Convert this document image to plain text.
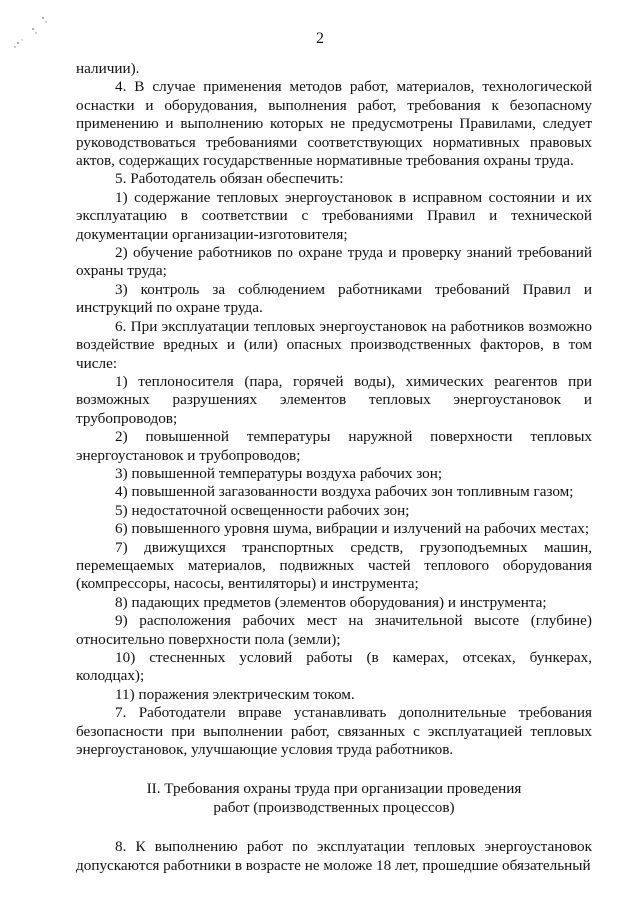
2

наличии).

4. В случае применения методов работ, материалов, технологической оснастки и оборудования, выполнения работ, требования к безопасному применению и выполнению которых не предусмотрены Правилами, следует руководствоваться требованиями соответствующих нормативных правовых актов, содержащих государственные нормативные требования охраны труда.

5. Работодатель обязан обеспечить:

1) содержание тепловых энергоустановок в исправном состоянии и их эксплуатацию в соответствии с требованиями Правил и технической документации организации-изготовителя;

2) обучение работников по охране труда и проверку знаний требований охраны труда;

3) контроль за соблюдением работниками требований Правил и инструкций по охране труда.

6. При эксплуатации тепловых энергоустановок на работников возможно воздействие вредных и (или) опасных производственных факторов, в том числе:

1) теплоносителя (пара, горячей воды), химических реагентов при возможных разрушениях элементов тепловых энергоустановок и трубопроводов;

2) повышенной температуры наружной поверхности тепловых энергоустановок и трубопроводов;

3) повышенной температуры воздуха рабочих зон;

4) повышенной загазованности воздуха рабочих зон топливным газом;

5) недостаточной освещенности рабочих зон;

6) повышенного уровня шума, вибрации и излучений на рабочих местах;

7) движущихся транспортных средств, грузоподъемных машин, перемещаемых материалов, подвижных частей теплового оборудования (компрессоры, насосы, вентиляторы) и инструмента;

8) падающих предметов (элементов оборудования) и инструмента;

9) расположения рабочих мест на значительной высоте (глубине) относительно поверхности пола (земли);

10) стесненных условий работы (в камерах, отсеках, бункерах, колодцах);

11) поражения электрическим током.

7. Работодатели вправе устанавливать дополнительные требования безопасности при выполнении работ, связанных с эксплуатацией тепловых энергоустановок, улучшающие условия труда работников.

II. Требования охраны труда при организации проведения
работ (производственных процессов)

8. К выполнению работ по эксплуатации тепловых энергоустановок допускаются работники в возрасте не моложе 18 лет, прошедшие обязательный
